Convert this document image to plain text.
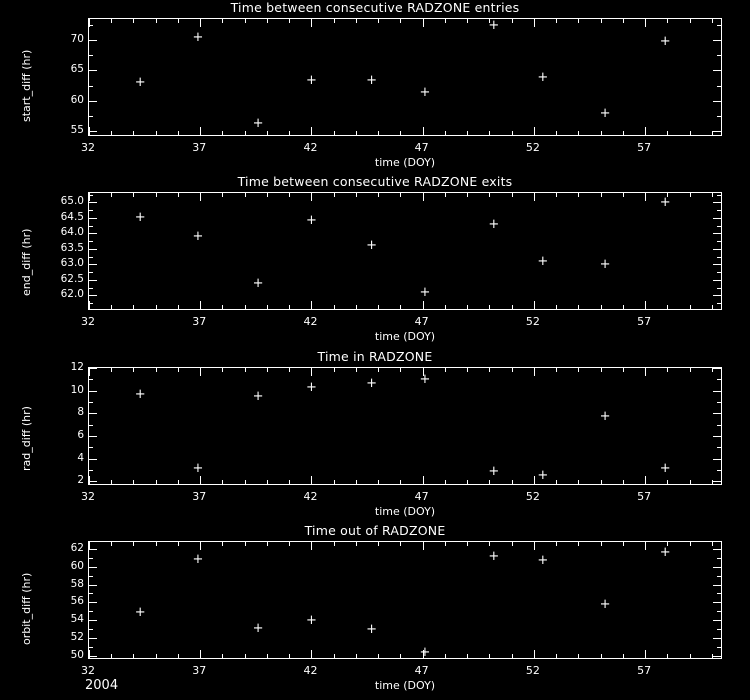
Time between consecutive RADZONE entries
+
+
+
+
+
+
+
+
+
+
32	37	42	47	52	57
55
60
65
70
time (DOY)
start_diff (hr)
Time between consecutive RADZONE exits
+
+
+
+
+
+
+
+
+
+
32	37	42	47	52	57
62.0
62.5
63.0
63.5
64.0
64.5
65.0
time (DOY)
end_diff (hr)
Time in RADZONE
+
+
+
+
+
+
+
+
+
+
32	37	42	47	52	57
2
4
6
8
10
12
time (DOY)
rad_diff (hr)
Time out of RADZONE
+
+
+
+
+
+
+
+
+
+
32	37	42	47	52	57
50
52
54
56
58
60
62
time (DOY)
orbit_diff (hr)
2004
